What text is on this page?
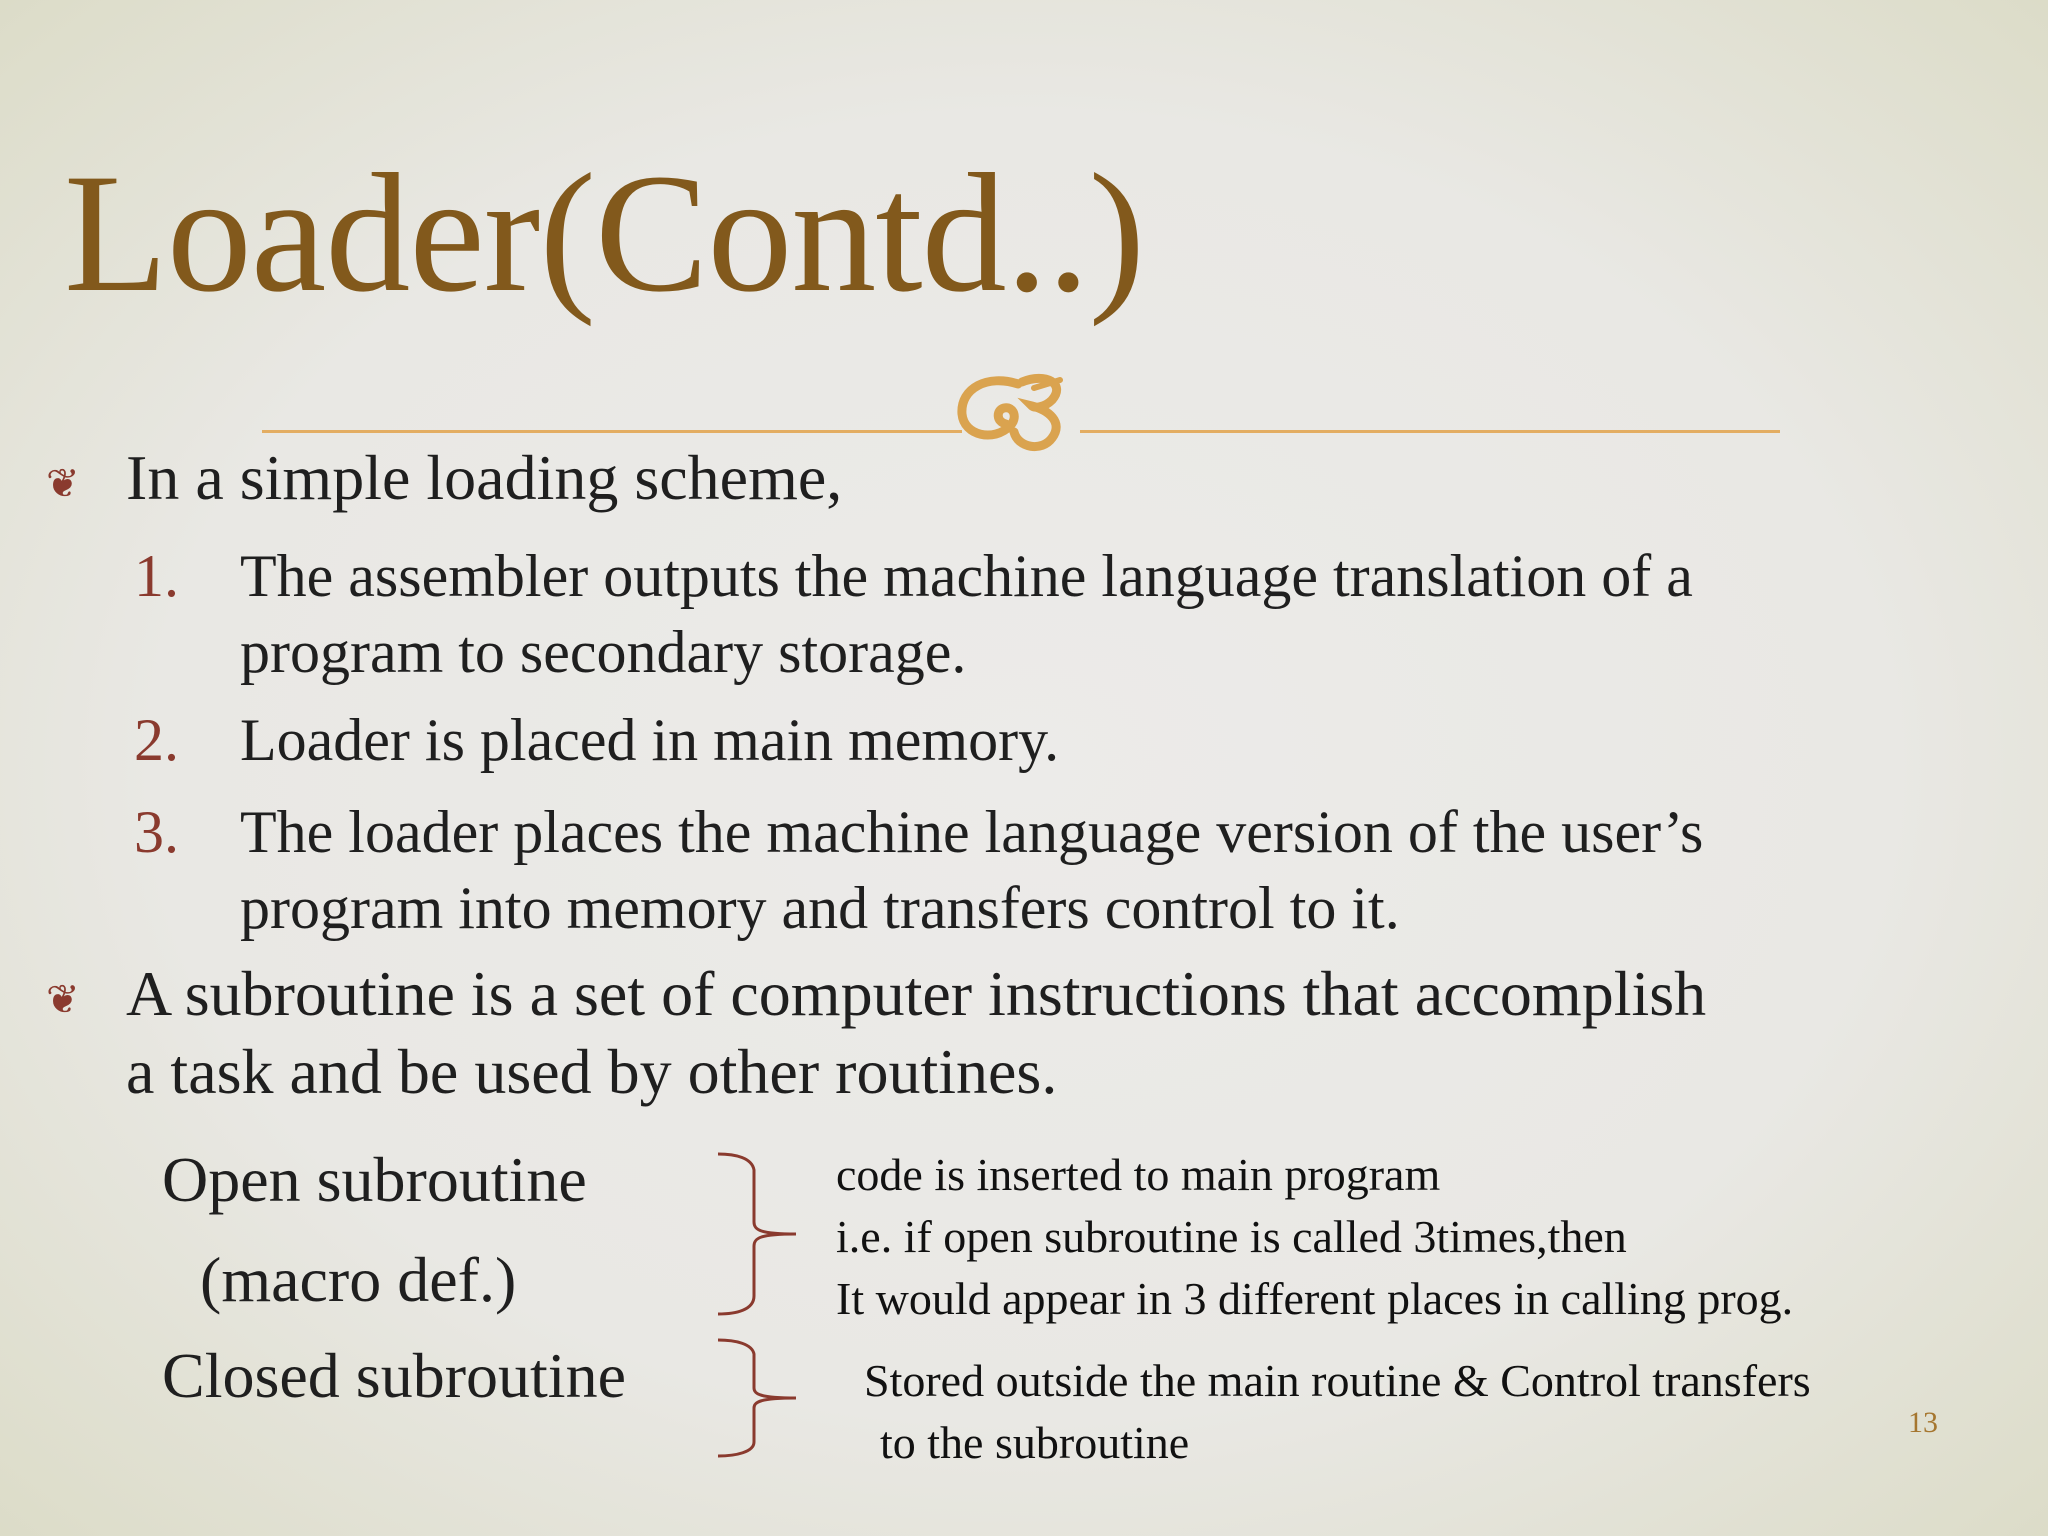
Loader(Contd..)
❦ In a simple loading scheme,
1. The assembler outputs the machine language translation of a
program to secondary storage.
2. Loader is placed in main memory.
3. The loader places the machine language version of the user’s
program into memory and transfers control to it.
❦ A subroutine is a set of computer instructions that accomplish
a task and be used by other routines.
Open subroutine
(macro def.)
Closed subroutine
code is inserted to main program
i.e. if open subroutine is called 3times,then
It would appear in 3 different places in calling prog.
Stored outside the main routine & Control transfers
to the subroutine	13
